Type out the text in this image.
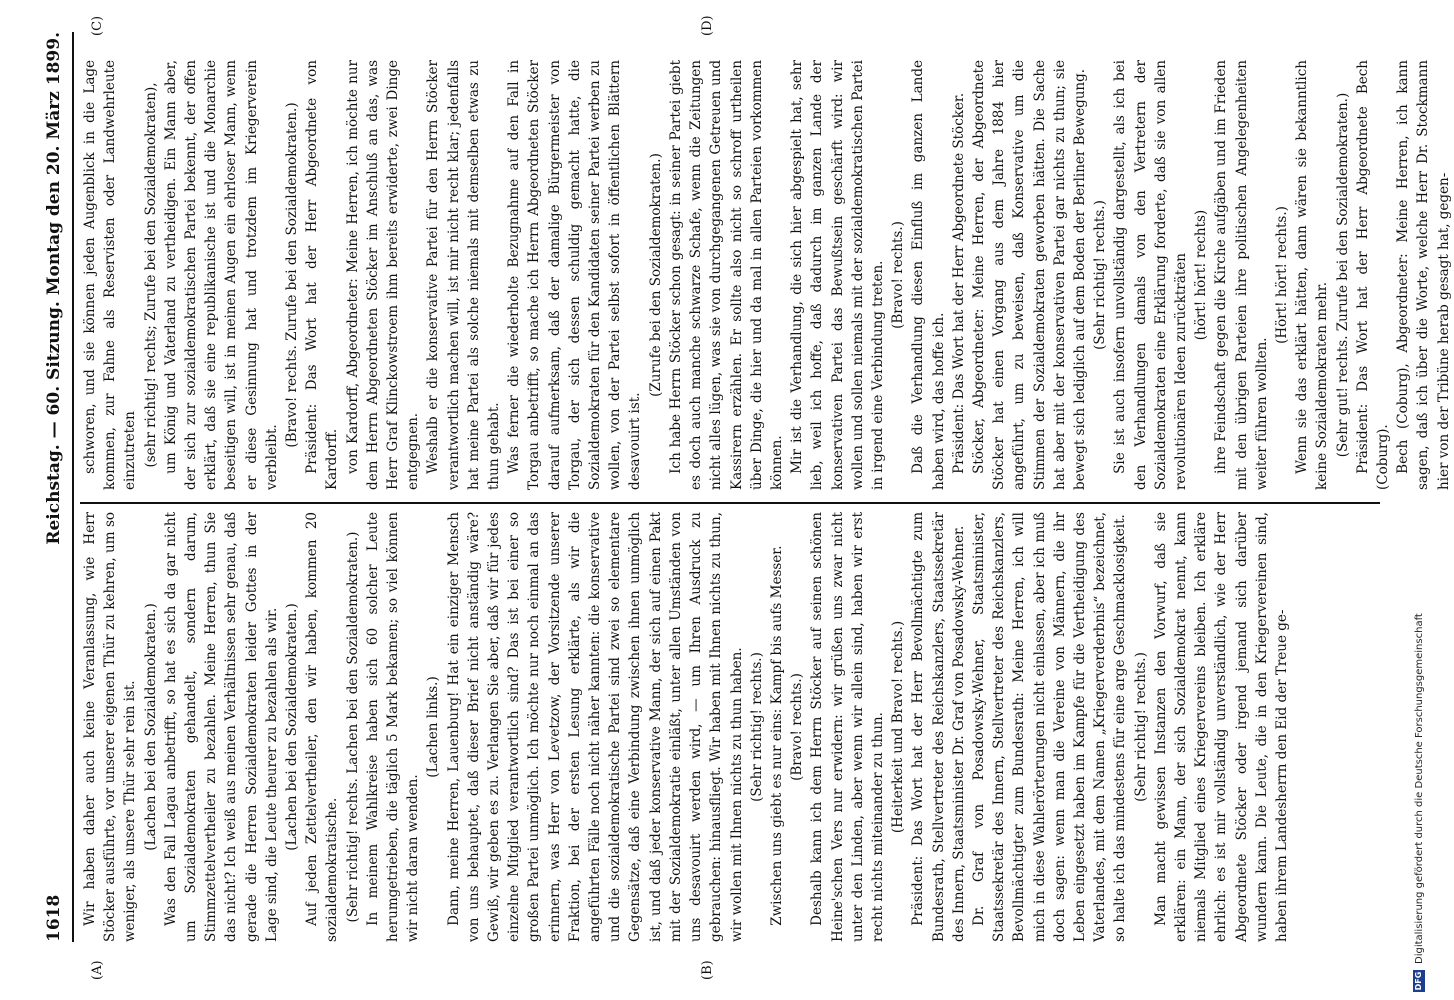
1618
Reichstag. — 60. Sitzung. Montag den 20. März 1899.
(A)	(B)
(C)	(D)

Wir haben daher auch keine Veranlassung, wie Herr Stöcker ausführte, vor unserer eigenen Thür zu kehren, um so weniger, als unsere Thür sehr rein ist. (Lachen bei den Sozialdemokraten.) Was den Fall Lagau anbetrifft, so hat es sich da gar nicht um Sozialdemokraten gehandelt, sondern darum, Stimmzettelvertheiler zu bezahlen. Meine Herren, thun Sie das nicht? Ich weiß aus meinen Verhältnissen sehr genau, daß gerade die Herren Sozialdemokraten leider Gottes in der Lage sind, die Leute theurer zu bezahlen als wir. (Lachen bei den Sozialdemokraten.) Auf jeden Zettelvertheiler, den wir haben, kommen 20 sozialdemokratische. (Sehr richtig! rechts. Lachen bei den Sozialdemokraten.) In meinem Wahlkreise haben sich 60 solcher Leute herumgetrieben, die täglich 5 Mark bekamen; so viel können wir nicht daran wenden.

(Lachen links.) Dann, meine Herren, Lauenburg! Hat ein einziger Mensch von uns behauptet, daß dieser Brief nicht anständig wäre? Gewiß, wir geben es zu. Verlangen Sie aber, daß wir für jedes einzelne Mitglied verantwortlich sind? Das ist bei einer so großen Partei unmöglich. Ich möchte nur noch einmal an das erinnern, was Herr von Levetzow, der Vorsitzende unserer Fraktion, bei der ersten Lesung erklärte, als wir die angeführten Fälle noch nicht näher kannten: die konservative und die sozialdemokratische Partei sind zwei so elementare Gegensätze, daß eine Verbindung zwischen ihnen unmöglich ist, und daß jeder konservative Mann, der sich auf einen Pakt mit der Sozialdemokratie einläßt, unter allen Umständen von uns desavouirt werden wird, — um Ihren Ausdruck zu gebrauchen: hinausfliegt. Wir haben mit Ihnen nichts zu thun, wir wollen mit Ihnen nichts zu thun haben. (Sehr richtig! rechts.) Zwischen uns giebt es nur eins: Kampf bis aufs Messer. (Bravo! rechts.) Deshalb kann ich dem Herrn Stöcker auf seinen schönen Heine'schen Vers nur erwidern: wir grüßen uns zwar nicht unter den Linden, aber wenn wir allein sind, haben wir erst recht nichts miteinander zu thun. (Heiterkeit und Bravo! rechts.) Präsident: Das Wort hat der Herr Bevollmächtigte zum Bundesrath, Stellvertreter des Reichskanzlers, Staatssekretär des Innern, Staatsminister Dr. Graf von Posadowsky-Wehner. Dr. Graf von Posadowsky-Wehner, Staatsminister, Staatssekretär des Innern, Stellvertreter des Reichskanzlers, Bevollmächtigter zum Bundesrath: Meine Herren, ich will mich in diese Wahlerörterungen nicht einlassen, aber ich muß doch sagen: wenn man die Vereine von Männern, die ihr Leben eingesetzt haben im Kampfe für die Vertheidigung des Vaterlandes, mit dem Namen „Kriegerverderbnis“ bezeichnet, so halte ich das mindestens für eine arge Geschmacklosigkeit. (Sehr richtig! rechts.) Man macht gewissen Instanzen den Vorwurf, daß sie erklären: ein Mann, der sich Sozialdemokrat nennt, kann niemals Mitglied eines Kriegervereins bleiben. Ich erkläre ehrlich: es ist mir vollständig unverständlich, wie der Herr Abgeordnete Stöcker oder irgend jemand sich darüber wundern kann. Die Leute, die in den Kriegervereinen sind, haben ihrem Landesherrn den Eid der Treue ge-

schworen, und sie können jeden Augenblick in die Lage kommen, zur Fahne als Reservisten oder Landwehrleute einzutreten (sehr richtig! rechts; Zurufe bei den Sozialdemokraten), um König und Vaterland zu vertheidigen. Ein Mann aber, der sich zur sozialdemokratischen Partei bekennt, der offen erklärt, daß sie eine republikanische ist und die Monarchie beseitigen will, ist in meinen Augen ein ehrloser Mann, wenn er diese Gesinnung hat und trotzdem im Kriegerverein verbleibt.

(Bravo! rechts. Zurufe bei den Sozialdemokraten.) Präsident: Das Wort hat der Herr Abgeordnete von Kardorff. von Kardorff, Abgeordneter: Meine Herren, ich möchte nur dem Herrn Abgeordneten Stöcker im Anschluß an das, was Herr Graf Klinckowstroem ihm bereits erwiderte, zwei Dinge entgegnen. Weshalb er die konservative Partei für den Herrn Stöcker verantwortlich machen will, ist mir nicht recht klar; jedenfalls hat meine Partei als solche niemals mit demselben etwas zu thun gehabt. Was ferner die wiederholte Bezugnahme auf den Fall in Torgau anbetrifft, so mache ich Herrn Abgeordneten Stöcker darauf aufmerksam, daß der damalige Bürgermeister von Torgau, der sich dessen schuldig gemacht hatte, die Sozialdemokraten für den Kandidaten seiner Partei werben zu wollen, von der Partei selbst sofort in öffentlichen Blättern desavouirt ist.

(Zurufe bei den Sozialdemokraten.) Ich habe Herrn Stöcker schon gesagt: in seiner Partei giebt es doch auch manche schwarze Schafe, wenn die Zeitungen nicht alles lügen, was sie von durchgegangenen Getreuen und Kassirern erzählen. Er sollte also nicht so schroff urtheilen über Dinge, die hier und da mal in allen Parteien vorkommen können. Mir ist die Verhandlung, die sich hier abgespielt hat, sehr lieb, weil ich hoffe, daß dadurch im ganzen Lande der konservativen Partei das Bewußtsein geschärft wird: wir wollen und sollen niemals mit der sozialdemokratischen Partei in irgend eine Verbindung treten. (Bravo! rechts.) Daß die Verhandlung diesen Einfluß im ganzen Lande haben wird, das hoffe ich. Präsident: Das Wort hat der Herr Abgeordnete Stöcker. Stöcker, Abgeordneter: Meine Herren, der Abgeordnete Stöcker hat einen Vorgang aus dem Jahre 1884 hier angeführt, um zu beweisen, daß Konservative um die Stimmen der Sozialdemokraten geworben hätten. Die Sache hat aber mit der konservativen Partei gar nichts zu thun; sie bewegt sich lediglich auf dem Boden der Berliner Bewegung. (Sehr richtig! rechts.) Sie ist auch insofern unvollständig dargestellt, als ich bei den Verhandlungen damals von den Vertretern der Sozialdemokraten eine Erklärung forderte, daß sie von allen revolutionären Ideen zurückträten (hört! hört! rechts) ihre Feindschaft gegen die Kirche aufgäben und im Frieden mit den übrigen Parteien ihre politischen Angelegenheiten weiter führen wollten.

(Hört! hört! rechts.) Wenn sie das erklärt hätten, dann wären sie bekanntlich keine Sozialdemokraten mehr. (Sehr gut! rechts. Zurufe bei den Sozialdemokraten.) Präsident: Das Wort hat der Herr Abgeordnete Bech (Coburg). Bech (Coburg), Abgeordneter: Meine Herren, ich kann sagen, daß ich über die Worte, welche Herr Dr. Stockmann hier von der Tribüne herab gesagt hat, gegen-

DFG
Digitalisierung gefördert durch die Deutsche Forschungsgemeinschaft
